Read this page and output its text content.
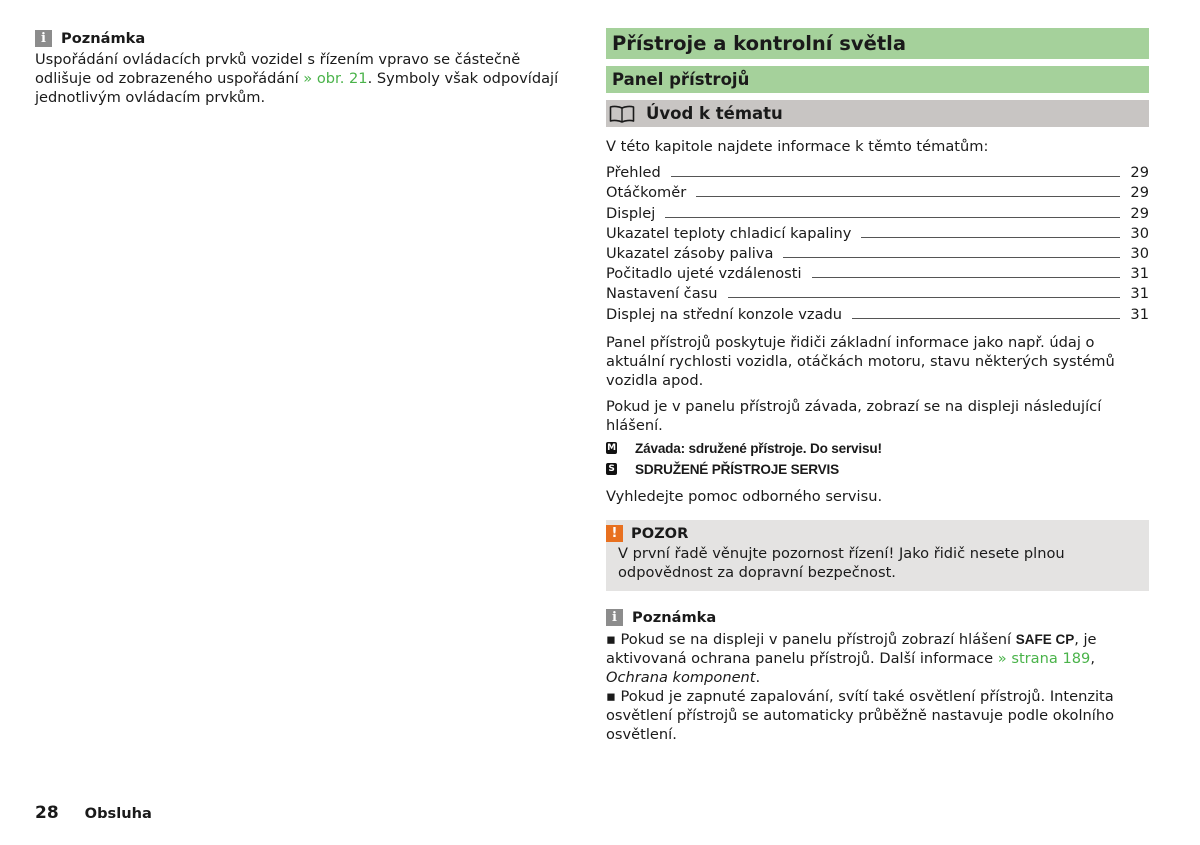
i	Poznámka
Uspořádání ovládacích prvků vozidel s řízením vpravo se částečně odlišuje od zobrazeného uspořádání » obr. 21. Symboly však odpovídají jednotlivým ovládacím prvkům.
Přístroje a kontrolní světla
Panel přístrojů
Úvod k tématu
V této kapitole najdete informace k těmto tématům:
Přehled	29
Otáčkoměr	29
Displej	29
Ukazatel teploty chladicí kapaliny	30
Ukazatel zásoby paliva	30
Počitadlo ujeté vzdálenosti	31
Nastavení času	31
Displej na střední konzole vzadu	31
Panel přístrojů poskytuje řidiči základní informace jako např. údaj o aktuální rychlosti vozidla, otáčkách motoru, stavu některých systémů vozidla apod.
Pokud je v panelu přístrojů závada, zobrazí se na displeji následující hlášení.
M Závada: sdružené přístroje. Do servisu!
S SDRUŽENÉ PŘÍSTROJE SERVIS
Vyhledejte pomoc odborného servisu.
! POZOR
V první řadě věnujte pozornost řízení! Jako řidič nesete plnou odpovědnost za dopravní bezpečnost.
i	Poznámka
▪ Pokud se na displeji v panelu přístrojů zobrazí hlášení SAFE CP, je aktivovaná ochrana panelu přístrojů. Další informace » strana 189, Ochrana komponent.
▪ Pokud je zapnuté zapalování, svítí také osvětlení přístrojů. Intenzita osvětlení přístrojů se automaticky průběžně nastavuje podle okolního osvětlení.
28 Obsluha
